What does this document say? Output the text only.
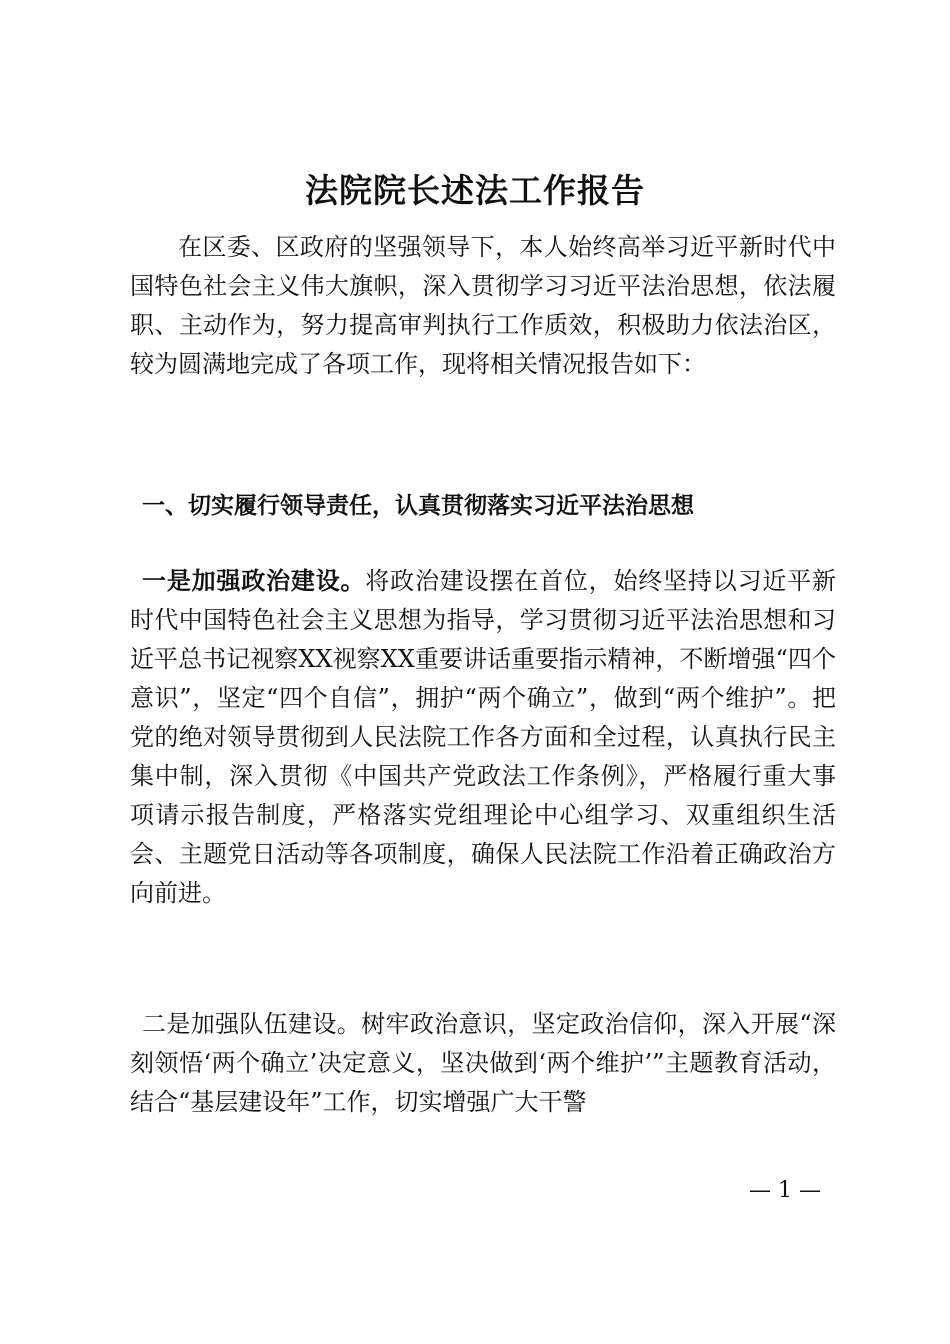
法院院长述法工作报告

在区委、区政府的坚强领导下，本人始终高举习近平新时代中国特色社会主义伟大旗帜，深入贯彻学习习近平法治思想，依法履职、主动作为，努力提高审判执行工作质效，积极助力依法治区，较为圆满地完成了各项工作，现将相关情况报告如下：

一、切实履行领导责任，认真贯彻落实习近平法治思想

一是加强政治建设。将政治建设摆在首位，始终坚持以习近平新时代中国特色社会主义思想为指导，学习贯彻习近平法治思想和习近平总书记视察XX视察XX重要讲话重要指示精神，不断增强“四个意识”，坚定“四个自信”，拥护“两个确立”，做到“两个维护”。把党的绝对领导贯彻到人民法院工作各方面和全过程，认真执行民主集中制，深入贯彻《中国共产党政法工作条例》，严格履行重大事项请示报告制度，严格落实党组理论中心组学习、双重组织生活会、主题党日活动等各项制度，确保人民法院工作沿着正确政治方向前进。

二是加强队伍建设。树牢政治意识，坚定政治信仰，深入开展“深刻领悟‘两个确立’决定意义，坚决做到‘两个维护’”主题教育活动，结合“基层建设年”工作，切实增强广大干警

— 1 —
